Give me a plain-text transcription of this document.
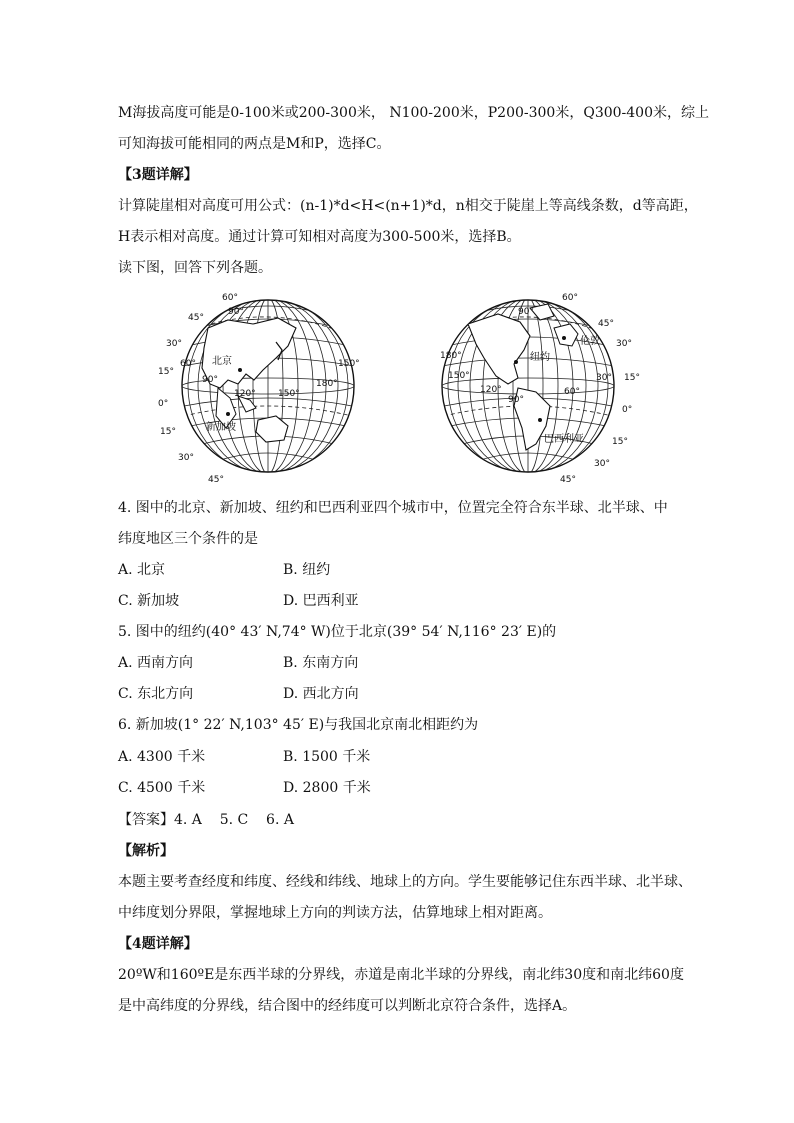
M海拔高度可能是0-100米或200-300米， N100-200米，P200-300米，Q300-400米，综上
可知海拔可能相同的两点是M和P，选择C。
【3题详解】
计算陡崖相对高度可用公式：(n-1)*d<H<(n+1)*d，n相交于陡崖上等高线条数，d等高距，
H表示相对高度。通过计算可知相对高度为300-500米，选择B。
读下图，回答下列各题。
北京
新加坡
60°
45°
30°
15°
0°
15°
30°
45°
90°
60°
90°
120° 150°
180°
150°
伦敦
纽约
巴西利亚
60°
45°
30°
15°
0°
15°
30°
45°
90°
180°
150°
120°
90°
60°
30°
4. 图中的北京、新加坡、纽约和巴西利亚四个城市中，位置完全符合东半球、北半球、中
纬度地区三个条件的是
A. 北京	B. 纽约
C. 新加坡	D. 巴西利亚
5. 图中的纽约(40° 43′ N,74° W)位于北京(39° 54′ N,116° 23′ E)的
A. 西南方向	B. 东南方向
C. 东北方向	D. 西北方向
6. 新加坡(1° 22′ N,103° 45′ E)与我国北京南北相距约为
A. 4300 千米	B. 1500 千米
C. 4500 千米	D. 2800 千米
【答案】4. A    5. C    6. A
【解析】
本题主要考查经度和纬度、经线和纬线、地球上的方向。学生要能够记住东西半球、北半球、
中纬度划分界限，掌握地球上方向的判读方法，估算地球上相对距离。
【4题详解】
20ºW和160ºE是东西半球的分界线，赤道是南北半球的分界线，南北纬30度和南北纬60度
是中高纬度的分界线，结合图中的经纬度可以判断北京符合条件，选择A。
